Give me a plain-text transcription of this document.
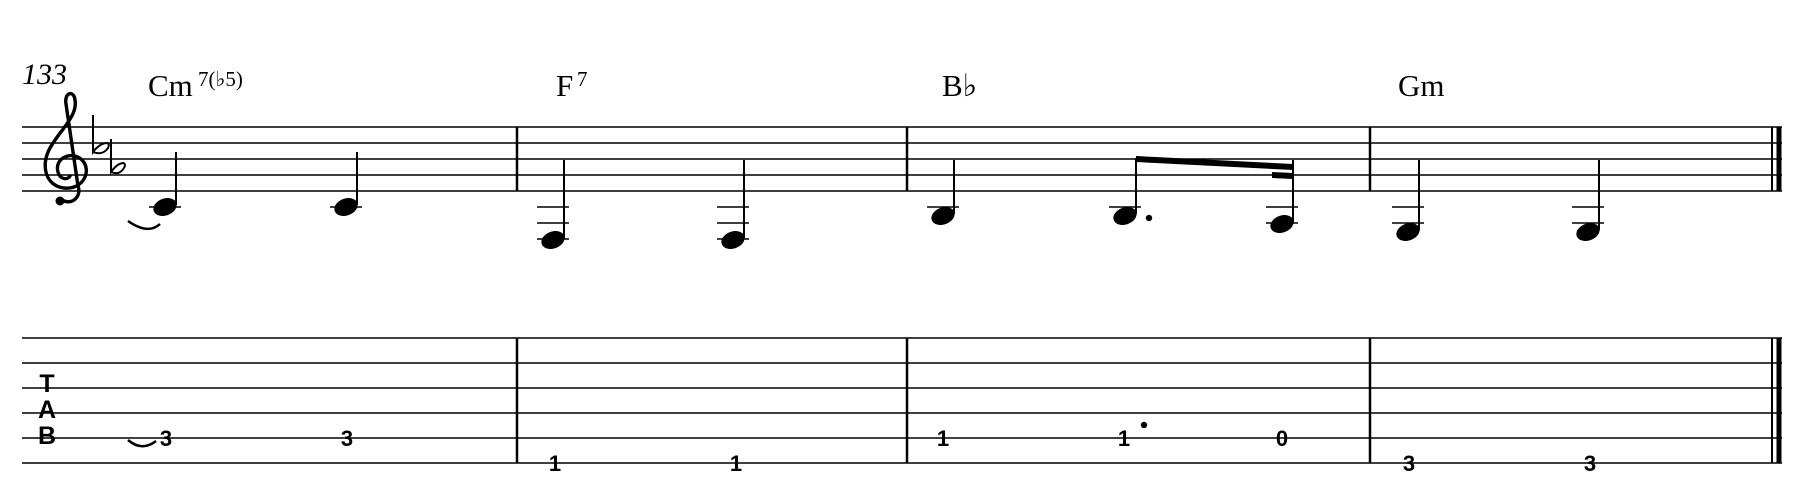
133	Cm 7(♭5)	F 7	B♭	Gm
T
A
B	3	3
1	1
1	1	0
3	3
